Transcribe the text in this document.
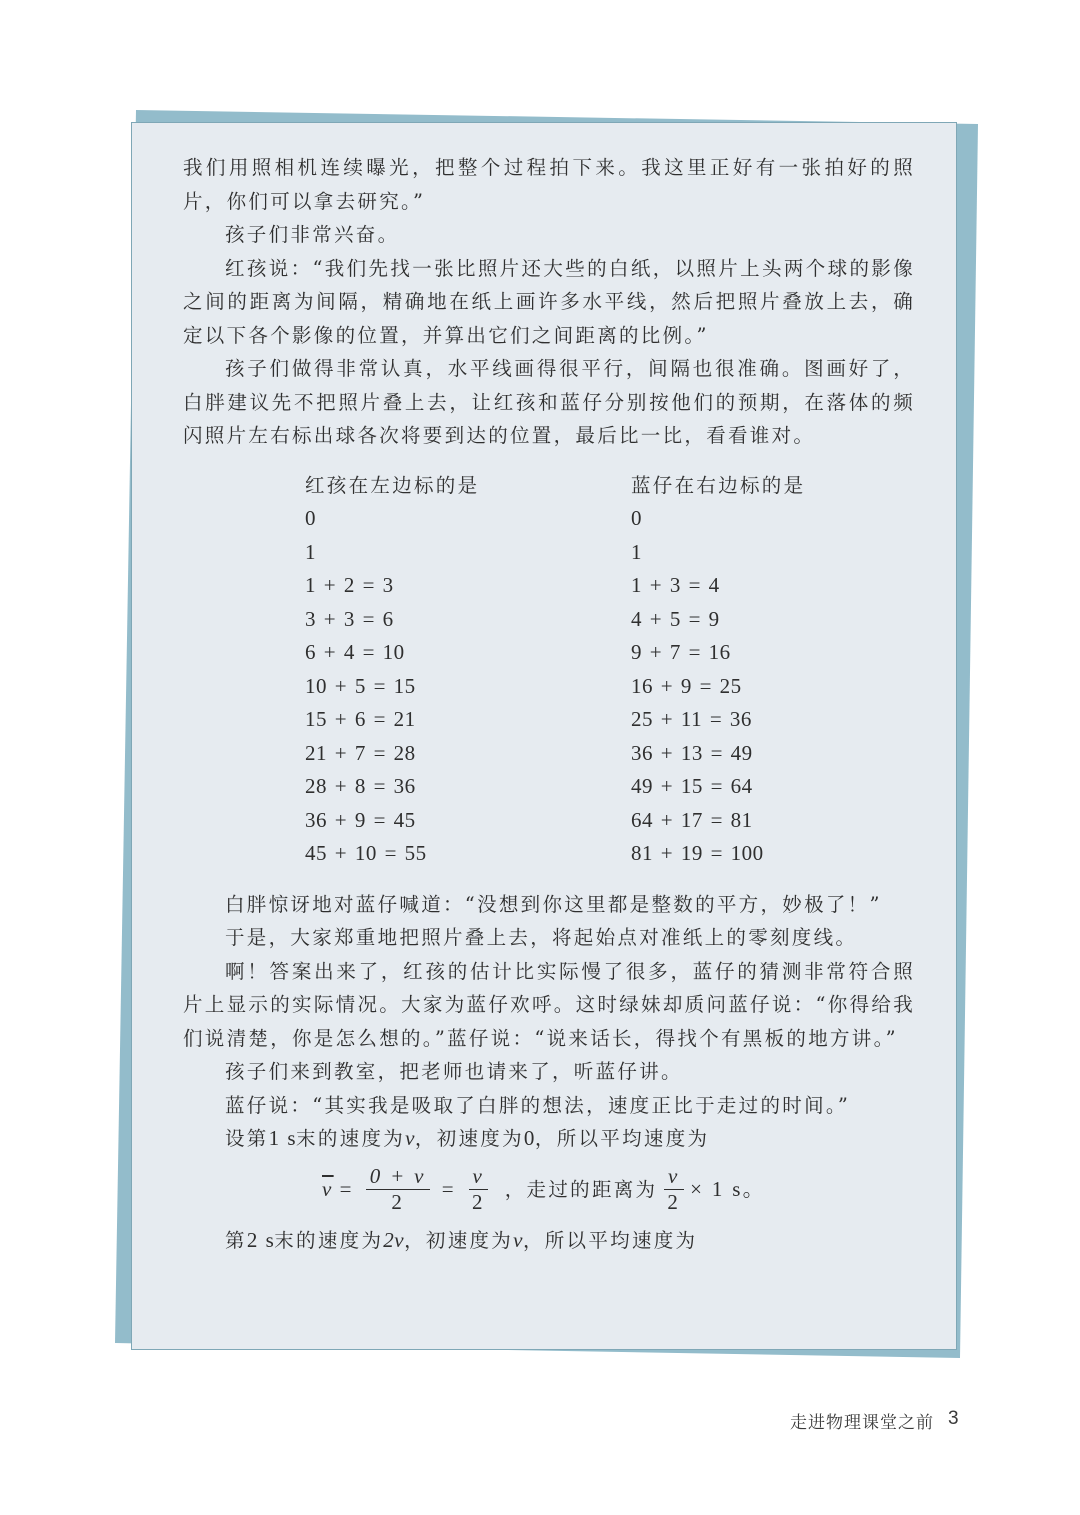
我们用照相机连续曝光，把整个过程拍下来。我这里正好有一张拍好的照片，你们可以拿去研究。”

孩子们非常兴奋。

红孩说：“我们先找一张比照片还大些的白纸，以照片上头两个球的影像之间的距离为间隔，精确地在纸上画许多水平线，然后把照片叠放上去，确定以下各个影像的位置，并算出它们之间距离的比例。”

孩子们做得非常认真，水平线画得很平行，间隔也很准确。图画好了，白胖建议先不把照片叠上去，让红孩和蓝仔分别按他们的预期，在落体的频闪照片左右标出球各次将要到达的位置，最后比一比，看看谁对。

红孩在左边标的是
0
1
1 + 2 = 3
3 + 3 = 6
6 + 4 = 10
10 + 5 = 15
15 + 6 = 21
21 + 7 = 28
28 + 8 = 36
36 + 9 = 45
45 + 10 = 55
蓝仔在右边标的是
0
1
1 + 3 = 4
4 + 5 = 9
9 + 7 = 16
16 + 9 = 25
25 + 11 = 36
36 + 13 = 49
49 + 15 = 64
64 + 17 = 81
81 + 19 = 100

白胖惊讶地对蓝仔喊道：“没想到你这里都是整数的平方，妙极了！”

于是，大家郑重地把照片叠上去，将起始点对准纸上的零刻度线。

啊！答案出来了，红孩的估计比实际慢了很多，蓝仔的猜测非常符合照片上显示的实际情况。大家为蓝仔欢呼。这时绿妹却质问蓝仔说：“你得给我们说清楚，你是怎么想的。”蓝仔说：“说来话长，得找个有黑板的地方讲。”

孩子们来到教室，把老师也请来了，听蓝仔讲。

蓝仔说：“其实我是吸取了白胖的想法，速度正比于走过的时间。”

设第1 s末的速度为v，初速度为0，所以平均速度为

$\overline{v} = \frac{0 + v}{2} = \frac{v}{2}$ ，走过的距离为 $\frac{v}{2} \times 1$ s。

第2 s末的速度为2v，初速度为v，所以平均速度为

走进物理课堂之前 3
